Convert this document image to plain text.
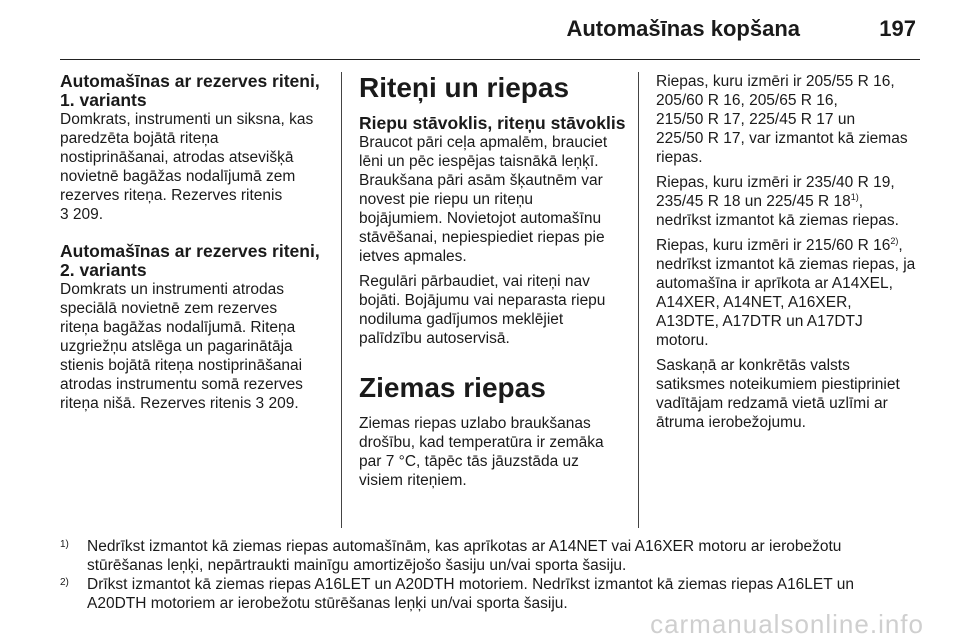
Automašīnas kopšana	197
Automašīnas ar rezerves riteni,
1. variants

Domkrats, instrumenti un siksna, kas
paredzēta bojātā riteņa
nostiprināšanai, atrodas atsevišķā
novietnē bagāžas nodalījumā zem
rezerves riteņa. Rezerves ritenis
3 209.

Automašīnas ar rezerves riteni,
2. variants

Domkrats un instrumenti atrodas
speciālā novietnē zem rezerves
riteņa bagāžas nodalījumā. Riteņa
uzgriežņu atslēga un pagarinātāja
stienis bojātā riteņa nostiprināšanai
atrodas instrumentu somā rezerves
riteņa nišā. Rezerves ritenis 3 209.

Riteņi un riepas
Riepu stāvoklis, riteņu stāvoklis

Braucot pāri ceļa apmalēm, brauciet
lēni un pēc iespējas taisnākā leņķī.
Braukšana pāri asām šķautnēm var
novest pie riepu un riteņu
bojājumiem. Novietojot automašīnu
stāvēšanai, nepiespiediet riepas pie
ietves apmales.

Regulāri pārbaudiet, vai riteņi nav
bojāti. Bojājumu vai neparasta riepu
nodiluma gadījumos meklējiet
palīdzību autoservisā.

Ziemas riepas

Ziemas riepas uzlabo braukšanas
drošību, kad temperatūra ir zemāka
par 7 °C, tāpēc tās jāuzstāda uz
visiem riteņiem.

Riepas, kuru izmēri ir 205/55 R 16,
205/60 R 16, 205/65 R 16,
215/50 R 17, 225/45 R 17 un
225/50 R 17, var izmantot kā ziemas
riepas.

Riepas, kuru izmēri ir 235/40 R 19,
235/45 R 18 un 225/45 R 18$^{1)}$,
nedrīkst izmantot kā ziemas riepas.

Riepas, kuru izmēri ir 215/60 R 16$^{2)}$,
nedrīkst izmantot kā ziemas riepas, ja
automašīna ir aprīkota ar A14XEL,
A14XER, A14NET, A16XER,
A13DTE, A17DTR un A17DTJ
motoru.

Saskaņā ar konkrētās valsts
satiksmes noteikumiem piestipriniet
vadītājam redzamā vietā uzlīmi ar
ātruma ierobežojumu.

1) Nedrīkst izmantot kā ziemas riepas automašīnām, kas aprīkotas ar A14NET vai A16XER motoru ar ierobežotu
stūrēšanas leņķi, nepārtraukti mainīgu amortizējošo šasiju un/vai sporta šasiju.
2) Drīkst izmantot kā ziemas riepas A16LET un A20DTH motoriem. Nedrīkst izmantot kā ziemas riepas A16LET un
A20DTH motoriem ar ierobežotu stūrēšanas leņķi un/vai sporta šasiju.
carmanualsonline.info
